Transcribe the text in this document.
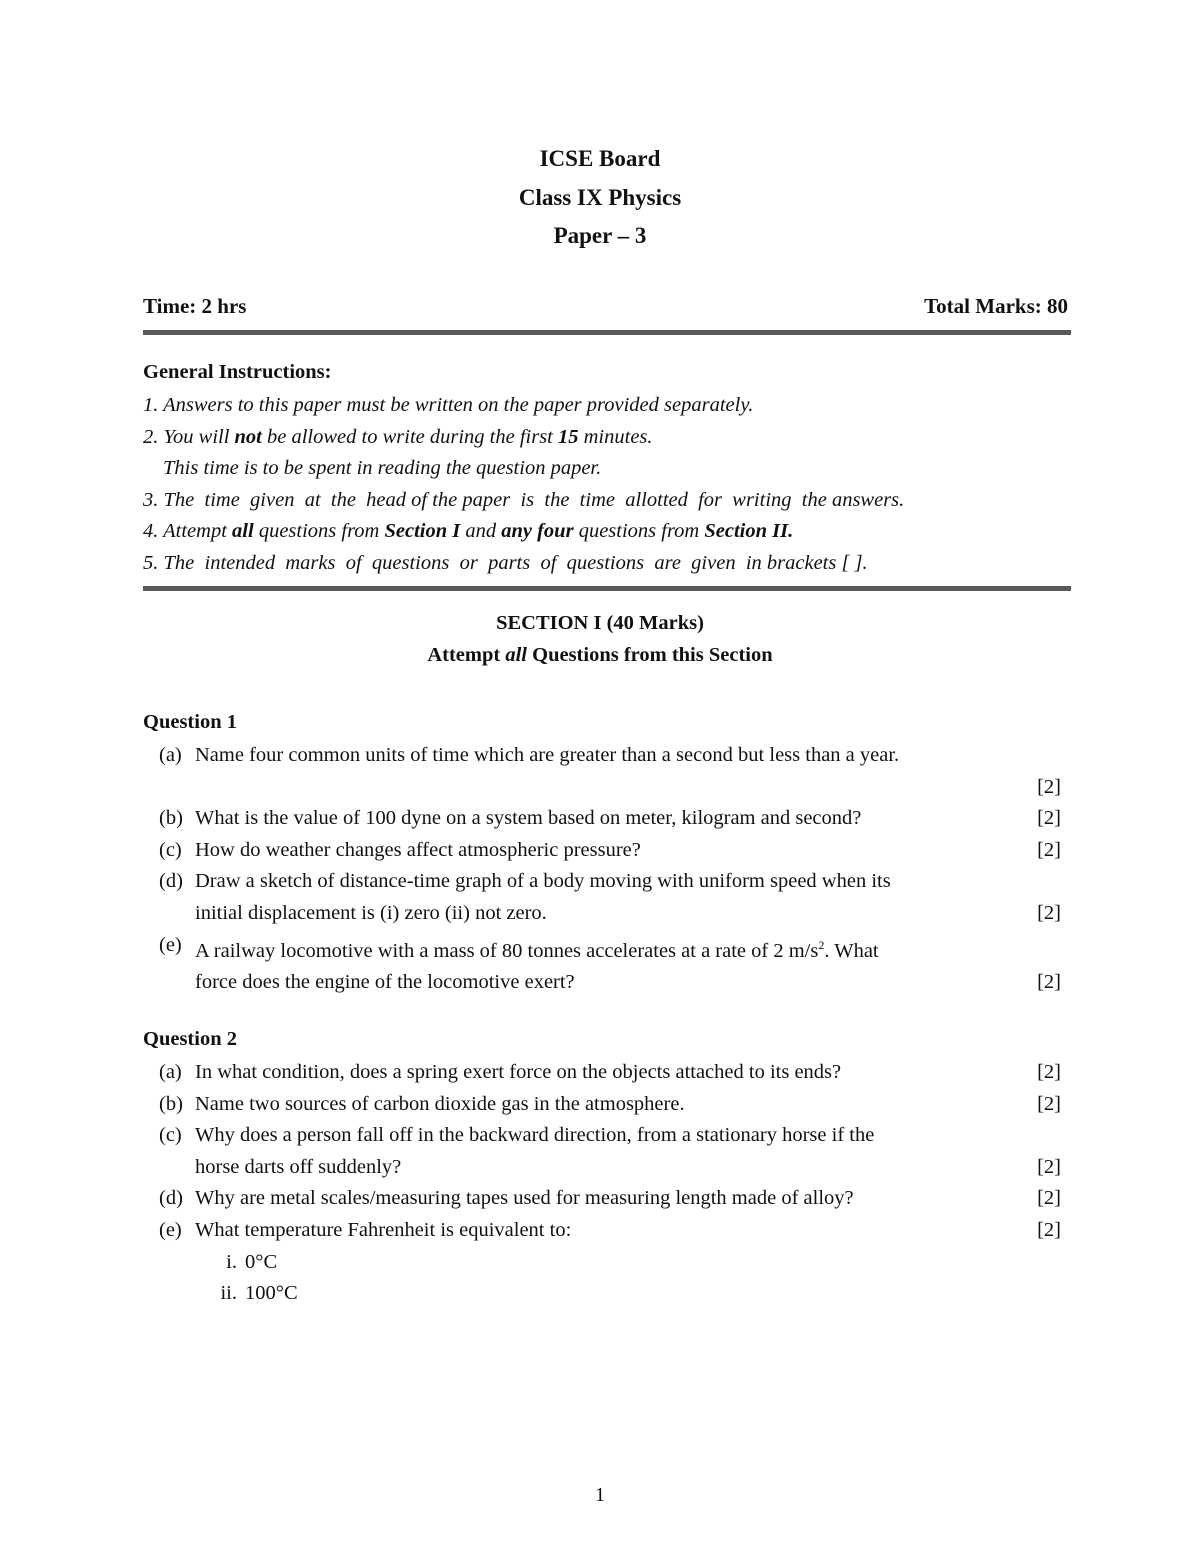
ICSE Board
Class IX Physics
Paper – 3
Time: 2 hrs	Total Marks: 80
General Instructions:
1. Answers to this paper must be written on the paper provided separately.
2. You will not be allowed to write during the first 15 minutes.
This time is to be spent in reading the question paper.
3. The  time  given  at  the  head of the paper  is  the  time  allotted  for  writing  the answers.
4. Attempt all questions from Section I and any four questions from Section II.
5. The  intended  marks  of  questions  or  parts  of  questions  are  given  in brackets [ ].
SECTION I (40 Marks)
Attempt all Questions from this Section
Question 1
(a) Name four common units of time which are greater than a second but less than a year.
[2]
(b) What is the value of 100 dyne on a system based on meter, kilogram and second?	[2]
(c) How do weather changes affect atmospheric pressure?	[2]
(d) Draw a sketch of distance-time graph of a body moving with uniform speed when its
initial displacement is (i) zero (ii) not zero.	[2]
(e) A railway locomotive with a mass of 80 tonnes accelerates at a rate of 2 $m/s^2$. What
force does the engine of the locomotive exert?	[2]
Question 2
(a) In what condition, does a spring exert force on the objects attached to its ends?	[2]
(b) Name two sources of carbon dioxide gas in the atmosphere.	[2]
(c) Why does a person fall off in the backward direction, from a stationary horse if the
horse darts off suddenly?	[2]
(d) Why are metal scales/measuring tapes used for measuring length made of alloy?	[2]
(e) What temperature Fahrenheit is equivalent to:	[2]
i. 0°C
ii. 100°C
1
